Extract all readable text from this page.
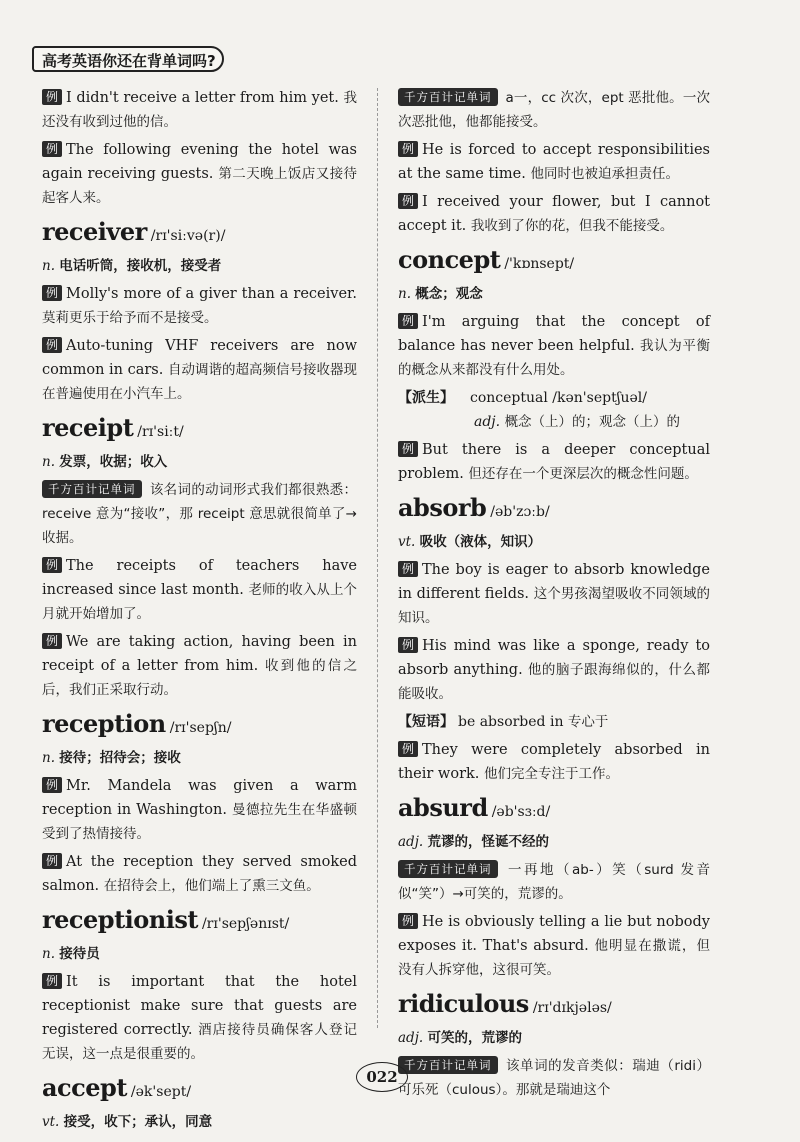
高考英语你还在背单词吗?

例 I didn't receive a letter from him yet. 我还没有收到过他的信。

例 The following evening the hotel was again receiving guests. 第二天晚上饭店又接待起客人来。

receiver /rɪ'siːvə(r)/

n. 电话听筒，接收机，接受者

例 Molly's more of a giver than a receiver. 莫莉更乐于给予而不是接受。

例 Auto-tuning VHF receivers are now common in cars. 自动调谐的超高频信号接收器现在普遍使用在小汽车上。

receipt /rɪ'siːt/

n. 发票，收据；收入

千方百计记单词 该名词的动词形式我们都很熟悉：receive 意为“接收”，那 receipt 意思就很简单了→收据。

例 The receipts of teachers have increased since last month. 老师的收入从上个月就开始增加了。

例 We are taking action, having been in receipt of a letter from him. 收到他的信之后，我们正采取行动。

reception /rɪ'sepʃn/

n. 接待；招待会；接收

例 Mr. Mandela was given a warm reception in Washington. 曼德拉先生在华盛顿受到了热情接待。

例 At the reception they served smoked salmon. 在招待会上，他们端上了熏三文鱼。

receptionist /rɪ'sepʃənɪst/

n. 接待员

例 It is important that the hotel receptionist make sure that guests are registered correctly. 酒店接待员确保客人登记无误，这一点是很重要的。

accept /ək'sept/

vt. 接受，收下；承认，同意

千方百计记单词 a一，cc 次次，ept 恶批他。一次次恶批他，他都能接受。

例 He is forced to accept responsibilities at the same time. 他同时也被迫承担责任。

例 I received your flower, but I cannot accept it. 我收到了你的花，但我不能接受。

concept /'kɒnsept/

n. 概念；观念

例 I'm arguing that the concept of balance has never been helpful. 我认为平衡的概念从来都没有什么用处。

【派生】 conceptual /kən'septʃuəl/
adj. 概念（上）的；观念（上）的

例 But there is a deeper conceptual problem. 但还存在一个更深层次的概念性问题。

absorb /əb'zɔːb/

vt. 吸收（液体，知识）

例 The boy is eager to absorb knowledge in different fields. 这个男孩渴望吸收不同领域的知识。

例 His mind was like a sponge, ready to absorb anything. 他的脑子跟海绵似的，什么都能吸收。

【短语】 be absorbed in 专心于

例 They were completely absorbed in their work. 他们完全专注于工作。

absurd /əb'sɜːd/

adj. 荒谬的，怪诞不经的

千方百计记单词 一再地（ab-）笑（surd 发音似“笑”）→可笑的，荒谬的。

例 He is obviously telling a lie but nobody exposes it. That's absurd. 他明显在撒谎，但没有人拆穿他，这很可笑。

ridiculous /rɪ'dɪkjələs/

adj. 可笑的，荒谬的

千方百计记单词 该单词的发音类似：瑞迪（ridi）可乐死（culous）。那就是瑞迪这个

022
